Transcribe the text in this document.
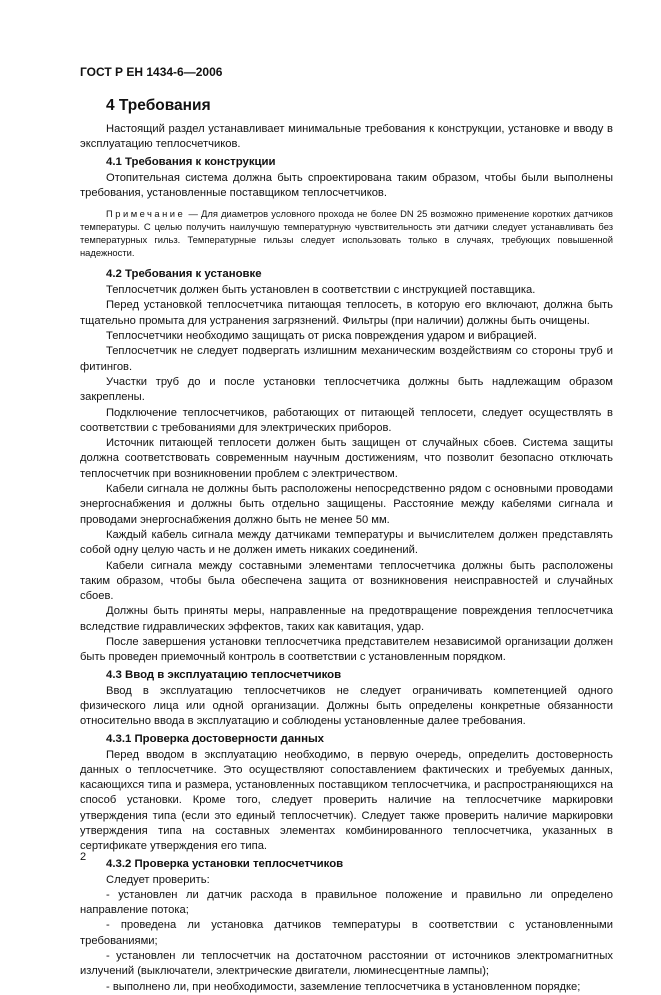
ГОСТ Р ЕН 1434-6—2006
4 Требования

Настоящий раздел устанавливает минимальные требования к конструкции, установке и вводу в эксплуатацию теплосчетчиков.

4.1 Требования к конструкции

Отопительная система должна быть спроектирована таким образом, чтобы были выполнены требования, установленные поставщиком теплосчетчиков.

Примечание — Для диаметров условного прохода не более DN 25 возможно применение коротких датчиков температуры. С целью получить наилучшую температурную чувствительность эти датчики следует устанавливать без температурных гильз. Температурные гильзы следует использовать только в случаях, требующих повышенной надежности.

4.2 Требования к установке

Теплосчетчик должен быть установлен в соответствии с инструкцией поставщика.

Перед установкой теплосчетчика питающая теплосеть, в которую его включают, должна быть тщательно промыта для устранения загрязнений. Фильтры (при наличии) должны быть очищены.

Теплосчетчики необходимо защищать от риска повреждения ударом и вибрацией.

Теплосчетчик не следует подвергать излишним механическим воздействиям со стороны труб и фитингов.

Участки труб до и после установки теплосчетчика должны быть надлежащим образом закреплены.

Подключение теплосчетчиков, работающих от питающей теплосети, следует осуществлять в соответствии с требованиями для электрических приборов.

Источник питающей теплосети должен быть защищен от случайных сбоев. Система защиты должна соответствовать современным научным достижениям, что позволит безопасно отключать теплосчетчик при возникновении проблем с электричеством.

Кабели сигнала не должны быть расположены непосредственно рядом с основными проводами энергоснабжения и должны быть отдельно защищены. Расстояние между кабелями сигнала и проводами энергоснабжения должно быть не менее 50 мм.

Каждый кабель сигнала между датчиками температуры и вычислителем должен представлять собой одну целую часть и не должен иметь никаких соединений.

Кабели сигнала между составными элементами теплосчетчика должны быть расположены таким образом, чтобы была обеспечена защита от возникновения неисправностей и случайных сбоев.

Должны быть приняты меры, направленные на предотвращение повреждения теплосчетчика вследствие гидравлических эффектов, таких как кавитация, удар.

После завершения установки теплосчетчика представителем независимой организации должен быть проведен приемочный контроль в соответствии с установленным порядком.

4.3 Ввод в эксплуатацию теплосчетчиков

Ввод в эксплуатацию теплосчетчиков не следует ограничивать компетенцией одного физического лица или одной организации. Должны быть определены конкретные обязанности относительно ввода в эксплуатацию и соблюдены установленные далее требования.

4.3.1 Проверка достоверности данных

Перед вводом в эксплуатацию необходимо, в первую очередь, определить достоверность данных о теплосчетчике. Это осуществляют сопоставлением фактических и требуемых данных, касающихся типа и размера, установленных поставщиком теплосчетчика, и распространяющихся на способ установки. Кроме того, следует проверить наличие на теплосчетчике маркировки утверждения типа (если это единый теплосчетчик). Следует также проверить наличие маркировки утверждения типа на составных элементах комбинированного теплосчетчика, указанных в сертификате утверждения его типа.

4.3.2 Проверка установки теплосчетчиков

Следует проверить:

- установлен ли датчик расхода в правильное положение и правильно ли определено направление потока;

- проведена ли установка датчиков температуры в соответствии с установленными требованиями;

- установлен ли теплосчетчик на достаточном расстоянии от источников электромагнитных излучений (выключатели, электрические двигатели, люминесцентные лампы);

- выполнено ли, при необходимости, заземление теплосчетчика в установленном порядке;

2
